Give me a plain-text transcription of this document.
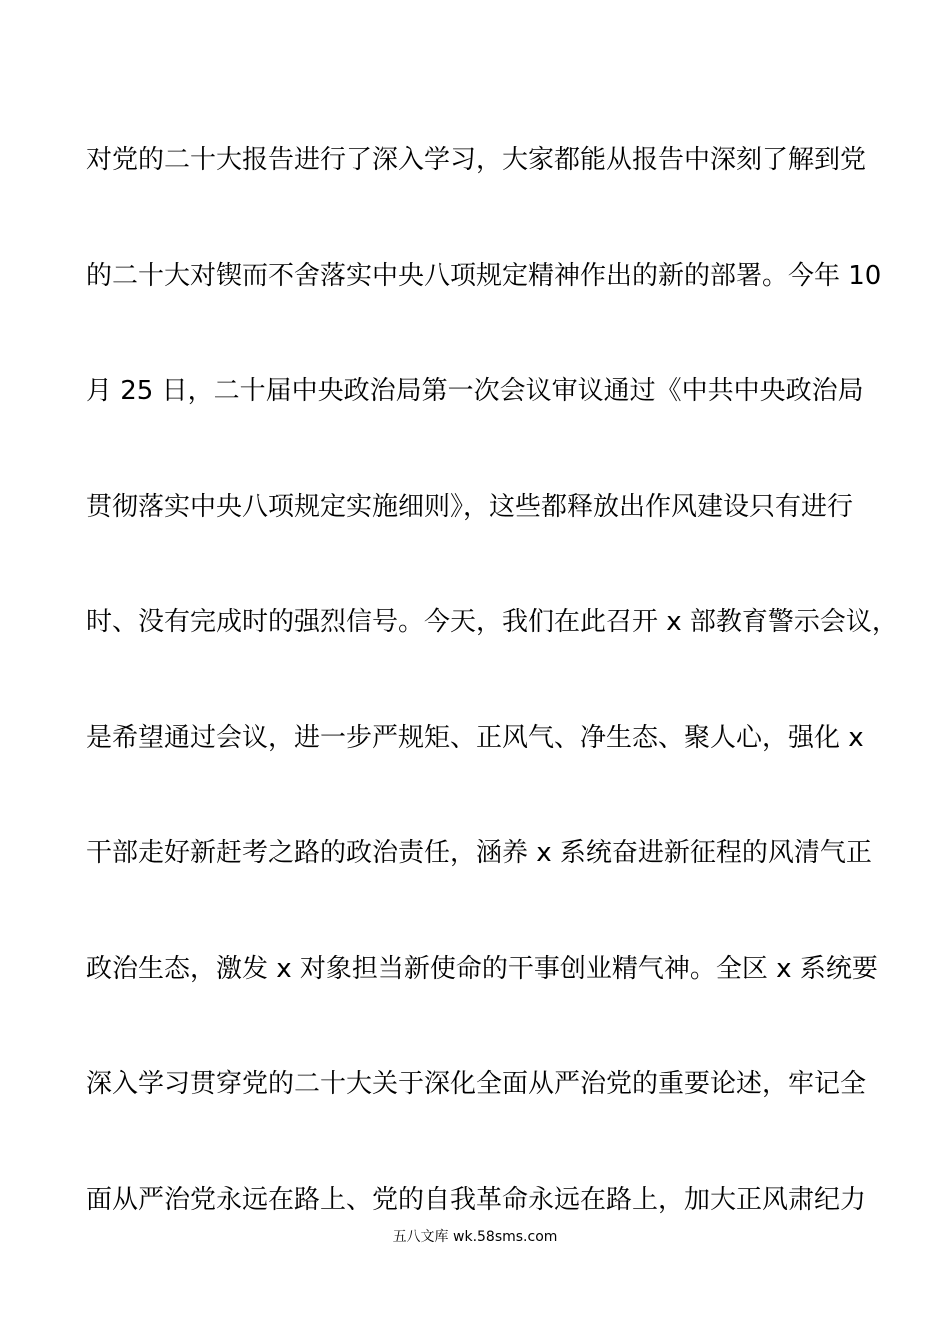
对党的二十大报告进行了深入学习，大家都能从报告中深刻了解到党
的二十大对锲而不舍落实中央八项规定精神作出的新的部署。今年 10
月 25 日，二十届中央政治局第一次会议审议通过《中共中央政治局
贯彻落实中央八项规定实施细则》，这些都释放出作风建设只有进行
时、没有完成时的强烈信号。今天，我们在此召开 x 部教育警示会议，
是希望通过会议，进一步严规矩、正风气、净生态、聚人心，强化 x
干部走好新赶考之路的政治责任，涵养 x 系统奋进新征程的风清气正
政治生态，激发 x 对象担当新使命的干事创业精气神。全区 x 系统要
深入学习贯穿党的二十大关于深化全面从严治党的重要论述，牢记全
面从严治党永远在路上、党的自我革命永远在路上，加大正风肃纪力
五八文库 wk.58sms.com
